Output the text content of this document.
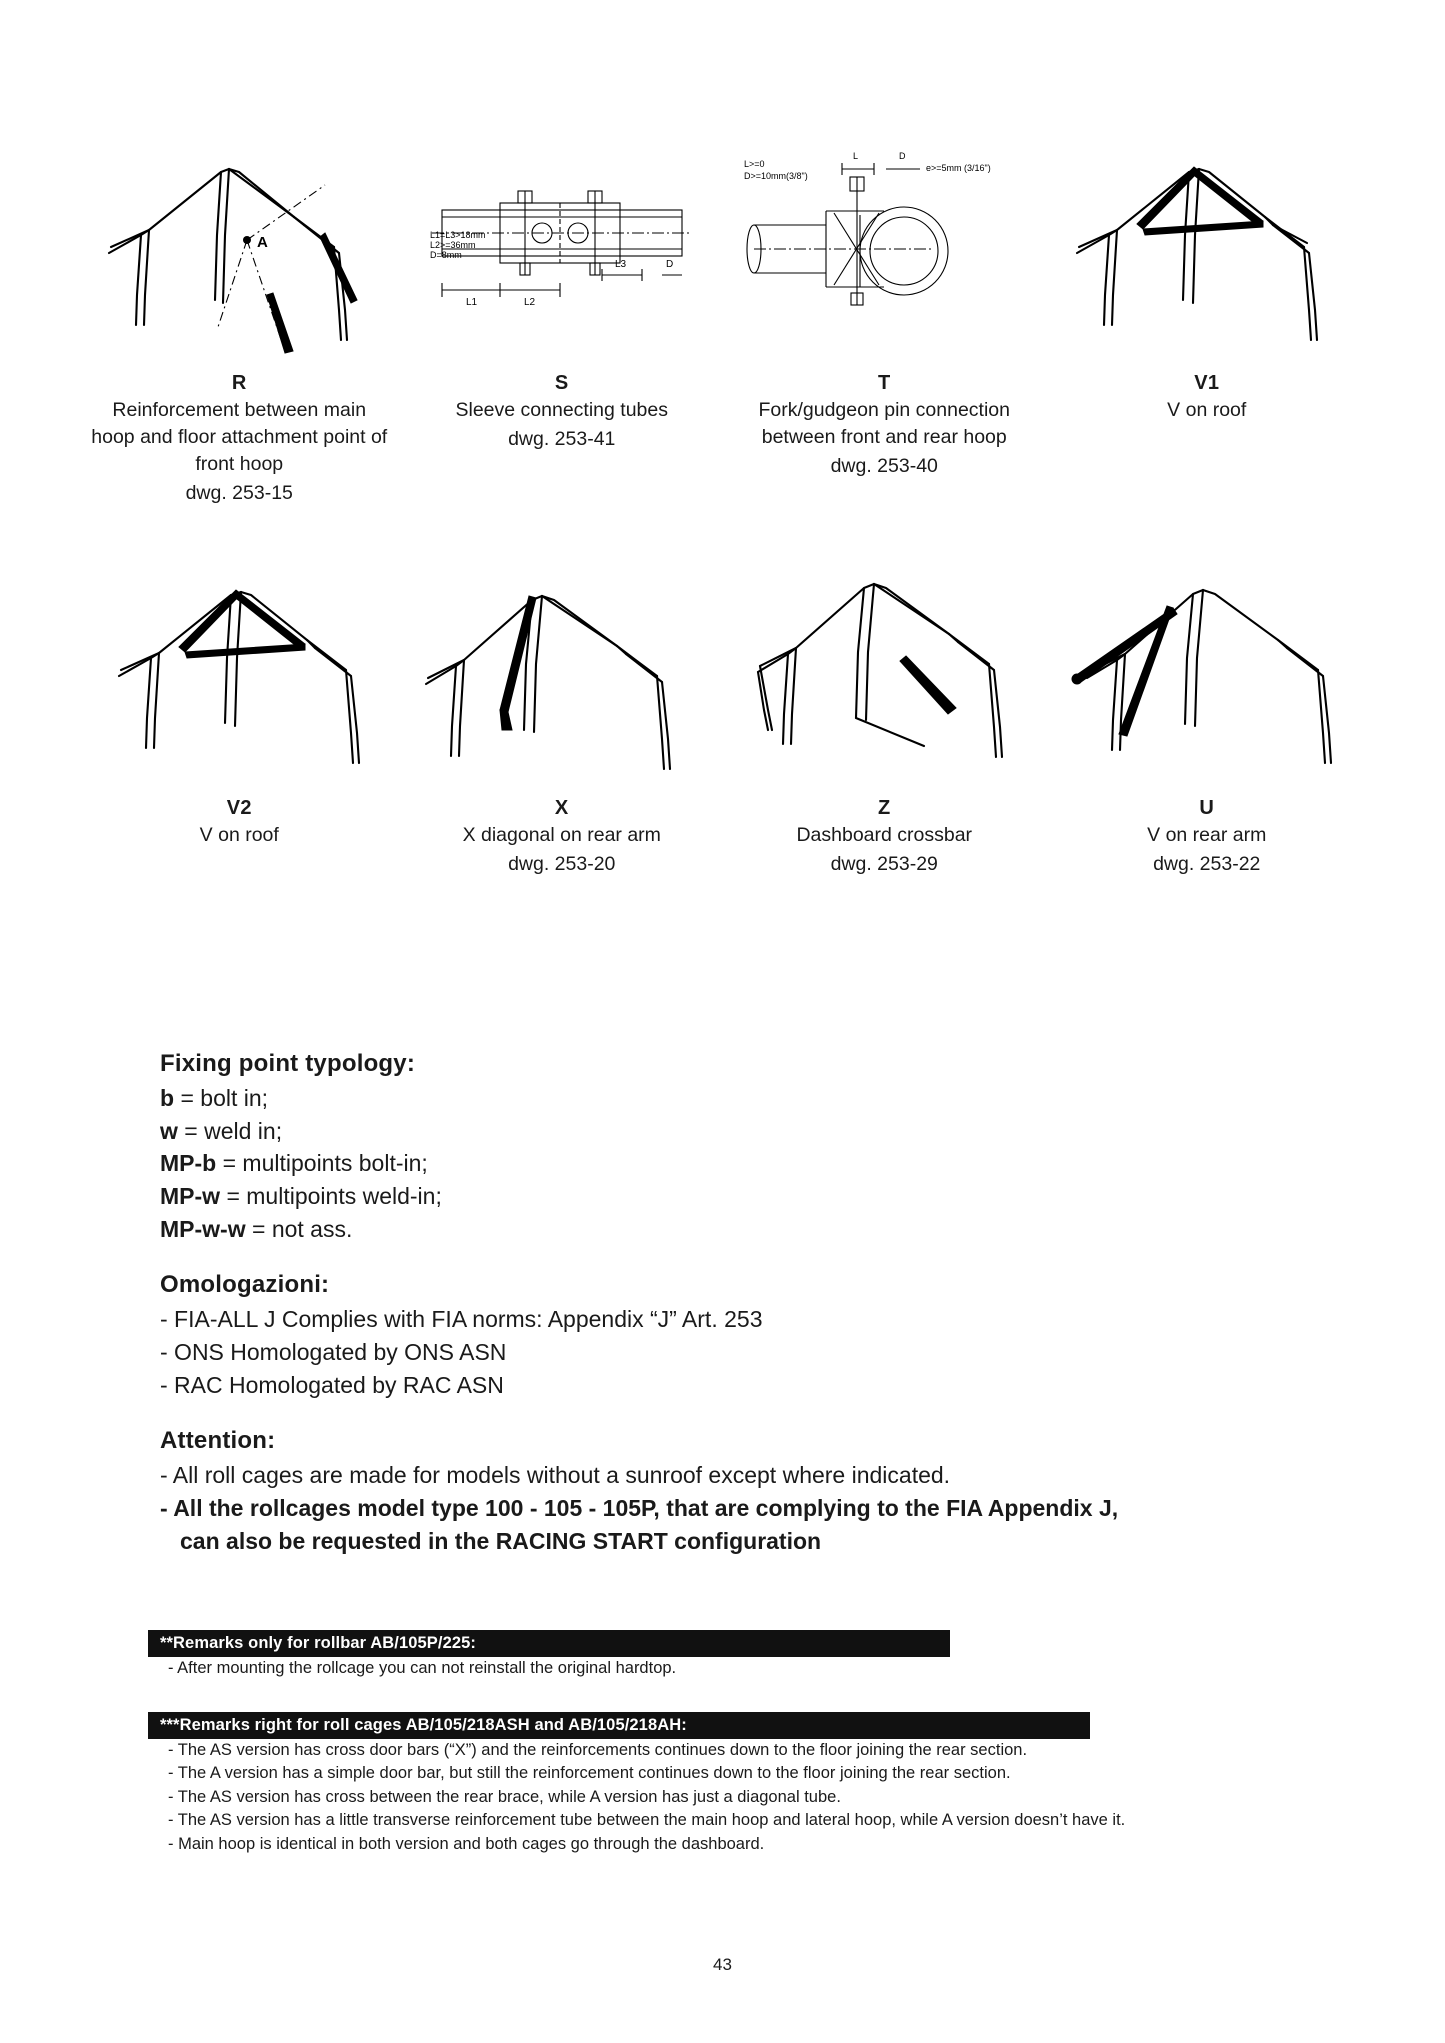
A
R
Reinforcement between main hoop and floor attachment point of front hoop
dwg. 253-15
L1=L3>18mm
L2>=36mm
D=8mm
L1	L2
L3	D
S
Sleeve connecting tubes
dwg. 253-41
L>=0
D>=10mm(3/8")
L	D
e>=5mm (3/16")
T
Fork/gudgeon pin connection between front and rear hoop
dwg. 253-40
V1
V on roof
V2
V on roof
X
X diagonal on rear arm
dwg. 253-20
Z
Dashboard crossbar
dwg. 253-29
U
V on rear arm
dwg. 253-22
Fixing point typology:
b = bolt in;
w = weld in;
MP-b = multipoints bolt-in;
MP-w = multipoints weld-in;
MP-w-w = not ass.
Omologazioni:
- FIA-ALL J Complies with FIA norms: Appendix “J” Art. 253
- ONS Homologated by ONS ASN
- RAC Homologated by RAC ASN
Attention:
- All roll cages are made for models without a sunroof except where indicated.
- All the rollcages model type 100 - 105 - 105P, that are complying to the FIA Appendix J,
can also be requested in the RACING START configuration
**Remarks only for rollbar AB/105P/225:
- After mounting the rollcage you can not reinstall the original hardtop.
***Remarks right for roll cages AB/105/218ASH and AB/105/218AH:
- The AS version has cross door bars (“X”) and the reinforcements continues down to the floor joining the rear section.
- The A version has a simple door bar, but still the reinforcement continues down to the floor joining the rear section.
- The AS version has cross between the rear brace, while A version has just a diagonal tube.
- The AS version has a little transverse reinforcement tube between the main hoop and lateral hoop, while A version doesn’t have it.
- Main hoop is identical in both version and both cages go through the dashboard.
43
